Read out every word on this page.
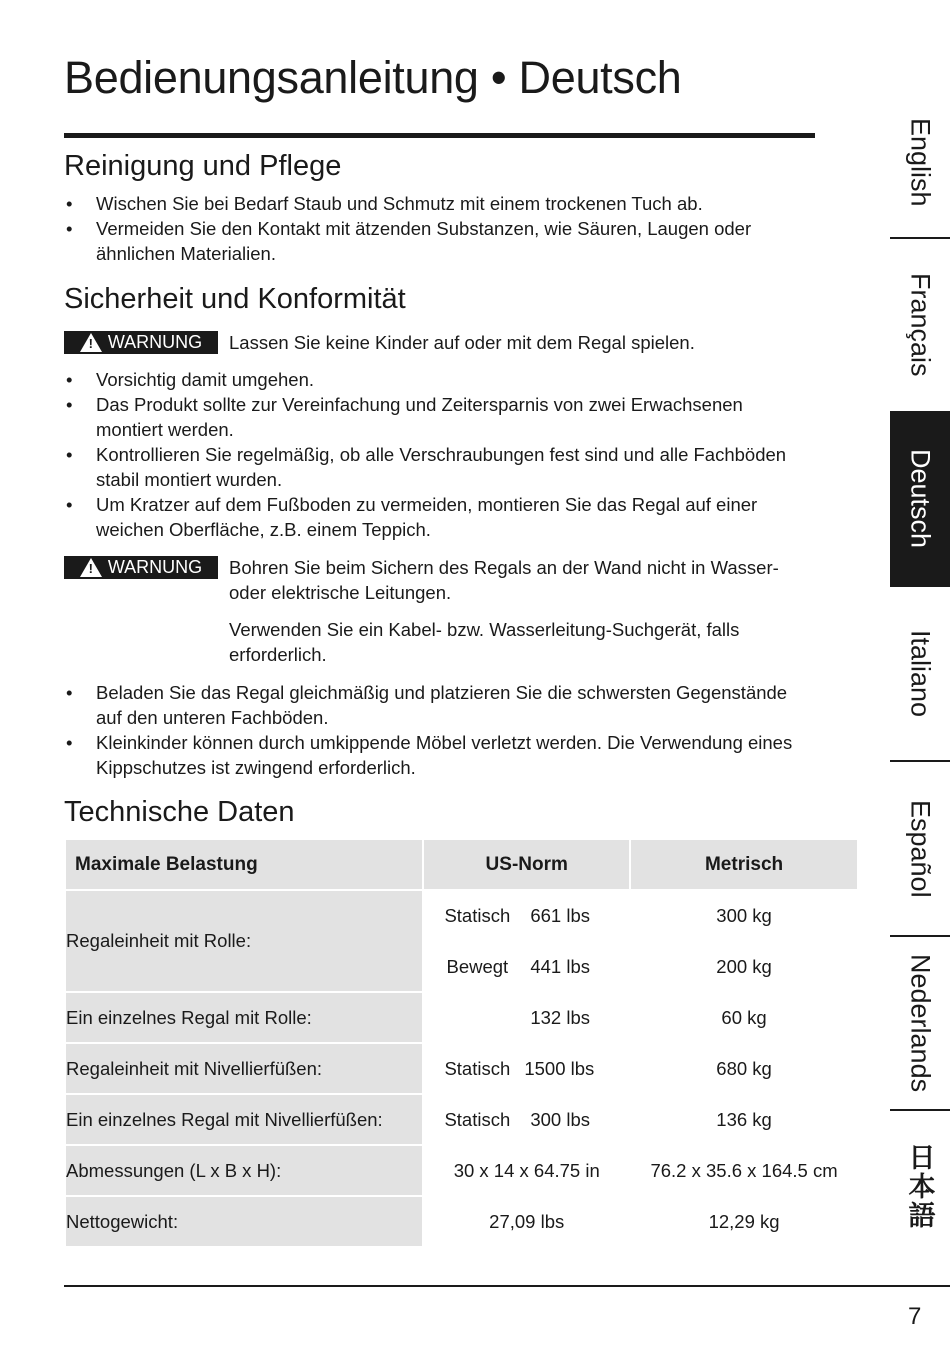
Bedienungsanleitung • Deutsch
Reinigung und Pflege
• Wischen Sie bei Bedarf Staub und Schmutz mit einem trockenen Tuch ab.
• Vermeiden Sie den Kontakt mit ätzenden Substanzen, wie Säuren, Laugen oder ähnlichen Materialien.
Sicherheit und Konformität
!
WARNUNG Lassen Sie keine Kinder auf oder mit dem Regal spielen.

• Vorsichtig damit umgehen.
• Das Produkt sollte zur Vereinfachung und Zeitersparnis von zwei Erwachsenen montiert werden.
• Kontrollieren Sie regelmäßig, ob alle Verschraubungen fest sind und alle Fachböden stabil montiert wurden.
• Um Kratzer auf dem Fußboden zu vermeiden, montieren Sie das Regal auf einer weichen Oberfläche, z.B. einem Teppich.
!
WARNUNG Bohren Sie beim Sichern des Regals an der Wand nicht in Wasser- oder elektrische Leitungen.

Verwenden Sie ein Kabel- bzw. Wasserleitung-Suchgerät, falls erforderlich.

• Beladen Sie das Regal gleichmäßig und platzieren Sie die schwersten Gegenstände auf den unteren Fachböden.
• Kleinkinder können durch umkippende Möbel verletzt werden. Die Verwendung eines Kippschutzes ist zwingend erforderlich.
Technische Daten
Maximale Belastung	US-Norm	Metrisch
Regaleinheit mit Rolle:	Statisch 661 lbs	300 kg

	Bewegt 441 lbs	200 kg
Ein einzelnes Regal mit Rolle:	132 lbs	60 kg
Regaleinheit mit Nivellierfüßen:	Statisch 1500 lbs	680 kg
Ein einzelnes Regal mit Nivellierfüßen:	Statisch 300 lbs	136 kg
Abmessungen (L x B x H):	30 x 14 x 64.75 in	76.2 x 35.6 x 164.5 cm
Nettogewicht:	27,09 lbs	12,29 kg
English
Français
Deutsch
Italiano
Español
Nederlands
日本語
7
